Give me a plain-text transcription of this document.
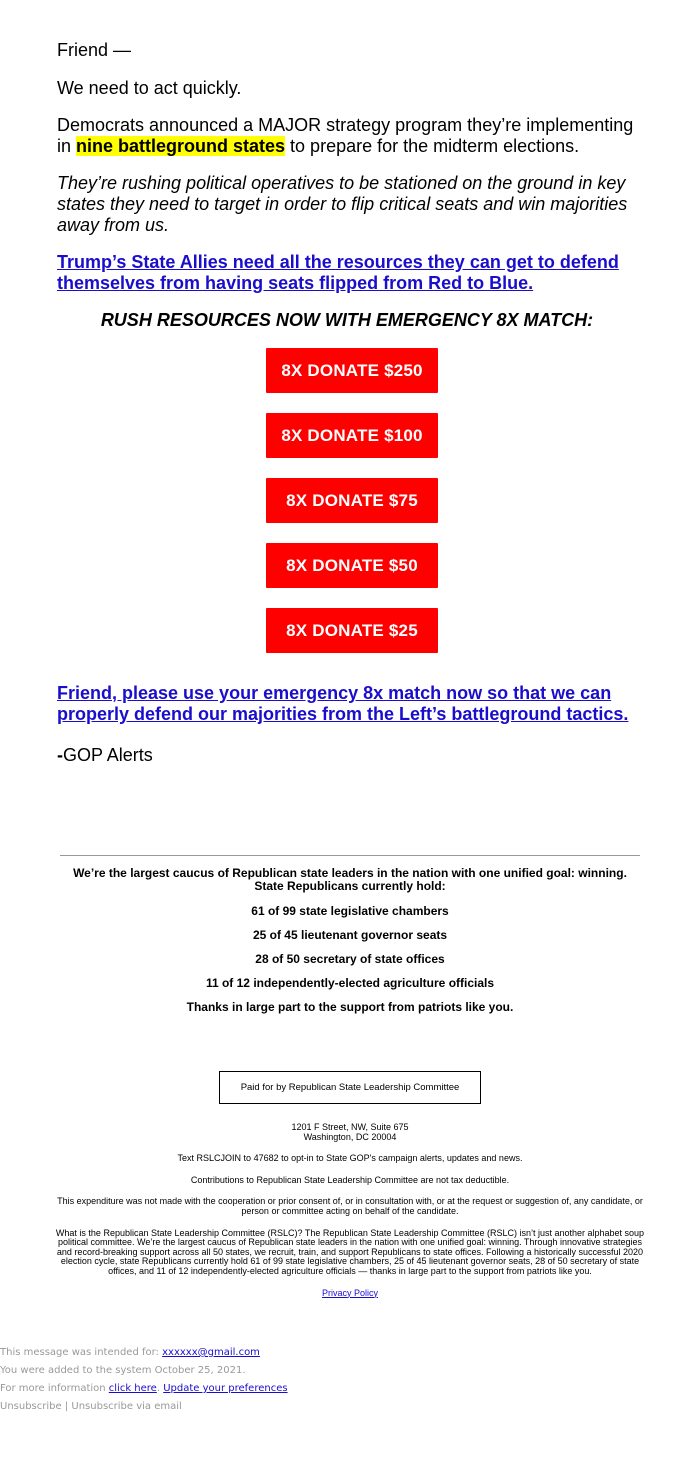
Friend —

We need to act quickly.

Democrats announced a MAJOR strategy program they’re implementing in nine battleground states to prepare for the midterm elections.

They’re rushing political operatives to be stationed on the ground in key states they need to target in order to flip critical seats and win majorities away from us.

Trump’s State Allies need all the resources they can get to defend themselves from having seats flipped from Red to Blue.

RUSH RESOURCES NOW WITH EMERGENCY 8X MATCH:
8X DONATE $250
8X DONATE $100
8X DONATE $75
8X DONATE $50
8X DONATE $25

Friend, please use your emergency 8x match now so that we can properly defend our majorities from the Left’s battleground tactics.

-GOP Alerts
We’re the largest caucus of Republican state leaders in the nation with one unified goal: winning.
State Republicans currently hold:
61 of 99 state legislative chambers
25 of 45 lieutenant governor seats
28 of 50 secretary of state offices
11 of 12 independently-elected agriculture officials
Thanks in large part to the support from patriots like you.
Paid for by Republican State Leadership Committee
1201 F Street, NW, Suite 675
Washington, DC 20004
Text RSLCJOIN to 47682 to opt-in to State GOP's campaign alerts, updates and news.
Contributions to Republican State Leadership Committee are not tax deductible.
This expenditure was not made with the cooperation or prior consent of, or in consultation with, or at the request or suggestion of, any candidate, or person or committee acting on behalf of the candidate.
What is the Republican State Leadership Committee (RSLC)? The Republican State Leadership Committee (RSLC) isn’t just another alphabet soup political committee. We’re the largest caucus of Republican state leaders in the nation with one unified goal: winning. Through innovative strategies and record-breaking support across all 50 states, we recruit, train, and support Republicans to state offices. Following a historically successful 2020 election cycle, state Republicans currently hold 61 of 99 state legislative chambers, 25 of 45 lieutenant governor seats, 28 of 50 secretary of state offices, and 11 of 12 independently-elected agriculture officials — thanks in large part to the support from patriots like you.
Privacy Policy
This message was intended for: xxxxxx@gmail.com
You were added to the system October 25, 2021.
For more information click here. Update your preferences
Unsubscribe | Unsubscribe via email
